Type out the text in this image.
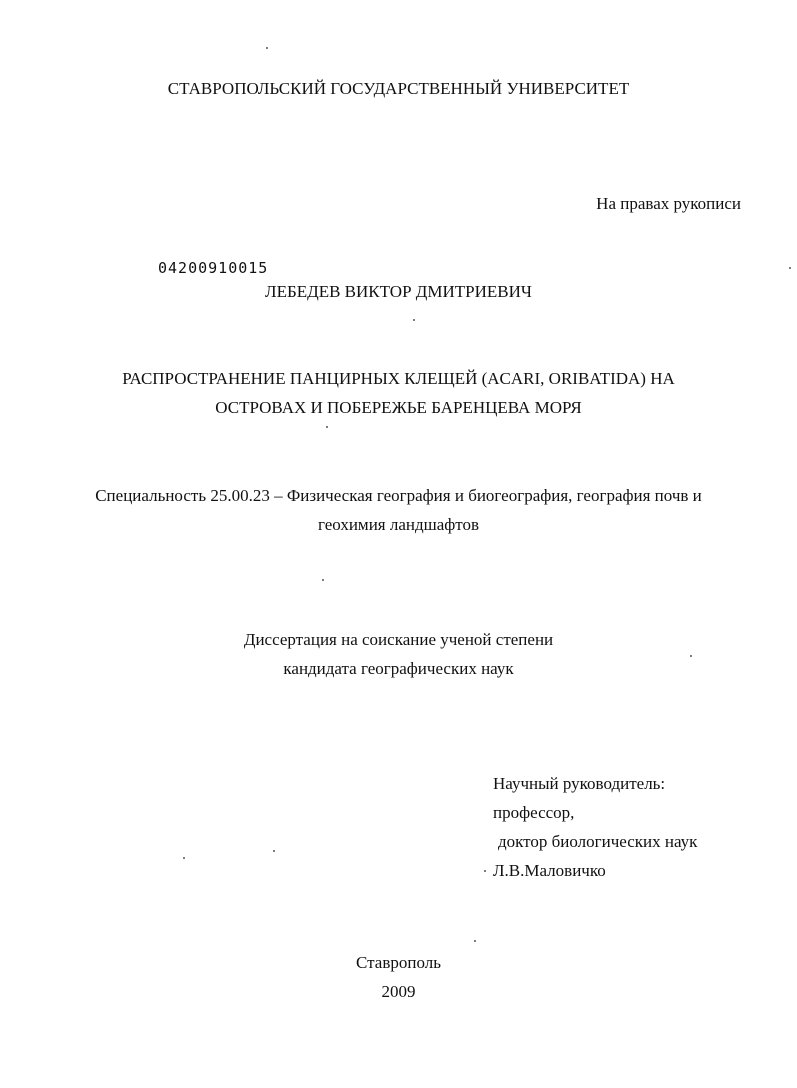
СТАВРОПОЛЬСКИЙ ГОСУДАРСТВЕННЫЙ УНИВЕРСИТЕТ
На правах рукописи
04200910015
ЛЕБЕДЕВ ВИКТОР ДМИТРИЕВИЧ
РАСПРОСТРАНЕНИЕ ПАНЦИРНЫХ КЛЕЩЕЙ (ACARI, ORIBATIDA) НА
ОСТРОВАХ И ПОБЕРЕЖЬЕ БАРЕНЦЕВА МОРЯ
Специальность 25.00.23 – Физическая география и биогеография, география почв и
геохимия ландшафтов
Диссертация на соискание ученой степени
кандидата географических наук
Научный руководитель:
профессор,
доктор биологических наук
Л.В.Маловичко
Ставрополь
2009
